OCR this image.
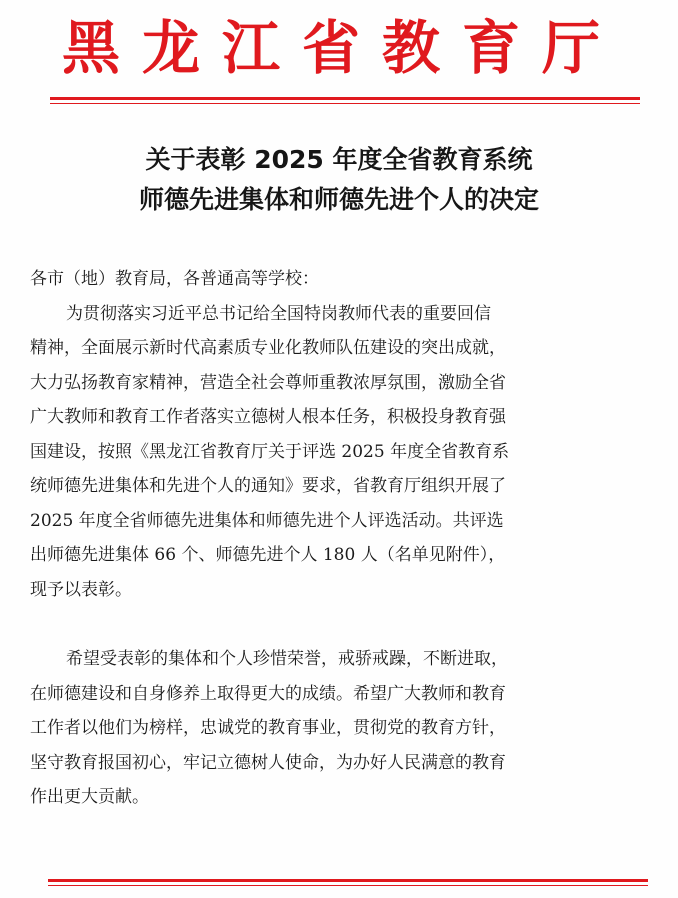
黑龙江省教育厅
关于表彰 2025 年度全省教育系统
师德先进集体和师德先进个人的决定
各市（地）教育局，各普通高等学校：
为贯彻落实习近平总书记给全国特岗教师代表的重要回信
精神，全面展示新时代高素质专业化教师队伍建设的突出成就，
大力弘扬教育家精神，营造全社会尊师重教浓厚氛围，激励全省
广大教师和教育工作者落实立德树人根本任务，积极投身教育强
国建设，按照《黑龙江省教育厅关于评选 2025 年度全省教育系
统师德先进集体和先进个人的通知》要求，省教育厅组织开展了
2025 年度全省师德先进集体和师德先进个人评选活动。共评选
出师德先进集体 66 个、师德先进个人 180 人（名单见附件），
现予以表彰。
希望受表彰的集体和个人珍惜荣誉，戒骄戒躁，不断进取，
在师德建设和自身修养上取得更大的成绩。希望广大教师和教育
工作者以他们为榜样，忠诚党的教育事业，贯彻党的教育方针，
坚守教育报国初心，牢记立德树人使命，为办好人民满意的教育
作出更大贡献。
